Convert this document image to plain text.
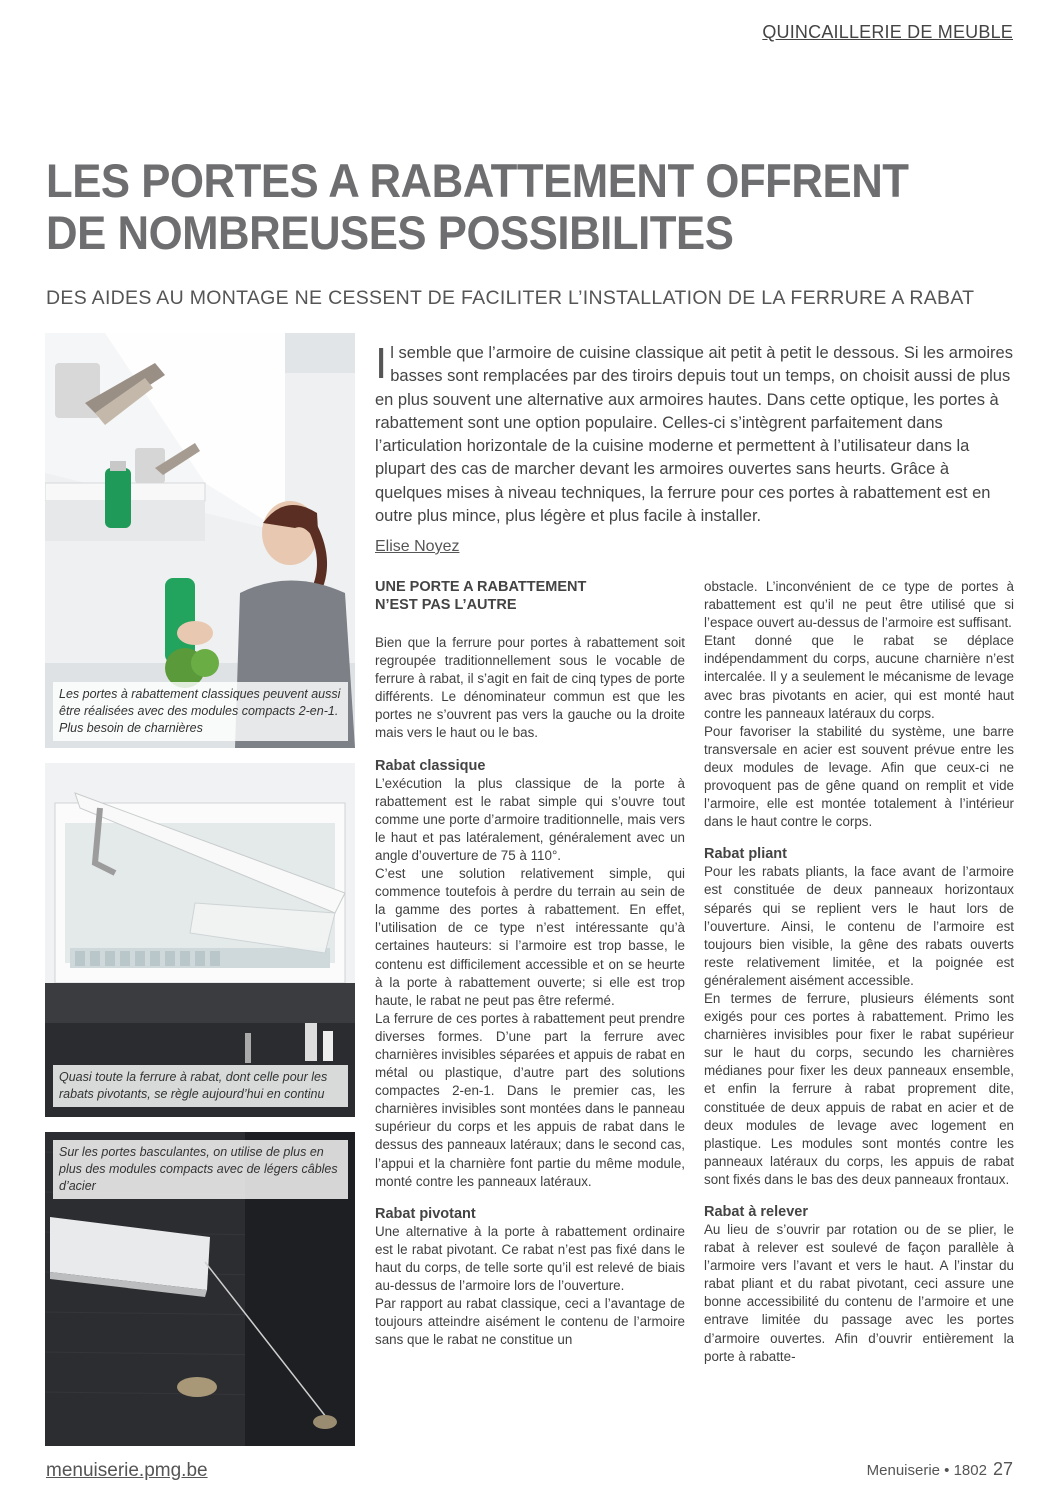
QUINCAILLERIE DE MEUBLE
LES PORTES A RABATTEMENT OFFRENT
DE NOMBREUSES POSSIBILITES
DES AIDES AU MONTAGE NE CESSENT DE FACILITER L’INSTALLATION DE LA FERRURE A RABAT
Les portes à rabattement classiques peuvent aussi être réalisées avec des modules compacts 2-en-1. Plus besoin de charnières
Quasi toute la ferrure à rabat, dont celle pour les rabats pivotants, se règle aujourd’hui en continu
Sur les portes basculantes, on utilise de plus en plus des modules compacts avec de légers câbles d’acier
Il semble que l’armoire de cuisine classique ait petit à petit le dessous. Si les armoires basses sont remplacées par des tiroirs depuis tout un temps, on choisit aussi de plus en plus souvent une alternative aux armoires hautes. Dans cette optique, les portes à rabattement sont une option populaire. Celles-ci s’intègrent parfaitement dans l’articulation horizontale de la cuisine moderne et permettent à l’utilisateur dans la plupart des cas de marcher devant les armoires ouvertes sans heurts. Grâce à quelques mises à niveau techniques, la ferrure pour ces portes à rabattement est en outre plus mince, plus légère et plus facile à installer.
Elise Noyez
UNE PORTE A RABATTEMENT
N’EST PAS L’AUTRE

Bien que la ferrure pour portes à rabattement soit regroupée traditionnellement sous le vocable de ferrure à rabat, il s’agit en fait de cinq types de porte différents. Le dénominateur commun est que les portes ne s’ouvrent pas vers la gauche ou la droite mais vers le haut ou le bas.

Rabat classique

L’exécution la plus classique de la porte à rabattement est le rabat simple qui s’ouvre tout comme une porte d’armoire traditionnelle, mais vers le haut et pas latéralement, généralement avec un angle d’ouverture de 75 à 110°.

C’est une solution relativement simple, qui commence toutefois à perdre du terrain au sein de la gamme des portes à rabattement. En effet, l’utilisation de ce type n’est intéressante qu’à certaines hauteurs: si l’armoire est trop basse, le contenu est difficilement accessible et on se heurte à la porte à rabattement ouverte; si elle est trop haute, le rabat ne peut pas être refermé.

La ferrure de ces portes à rabattement peut prendre diverses formes. D’une part la ferrure avec charnières invisibles séparées et appuis de rabat en métal ou plastique, d’autre part des solutions compactes 2-en-1. Dans le premier cas, les charnières invisibles sont montées dans le panneau supérieur du corps et les appuis de rabat dans le dessus des panneaux latéraux; dans le second cas, l’appui et la charnière font partie du même module, monté contre les panneaux latéraux.

Rabat pivotant

Une alternative à la porte à rabattement ordinaire est le rabat pivotant. Ce rabat n’est pas fixé dans le haut du corps, de telle sorte qu’il est relevé de biais au-dessus de l’armoire lors de l’ouverture.

Par rapport au rabat classique, ceci a l’avantage de toujours atteindre aisément le contenu de l’armoire sans que le rabat ne constitue un

obstacle. L’inconvénient de ce type de portes à rabattement est qu’il ne peut être utilisé que si l’espace ouvert au-dessus de l’armoire est suffisant.

Etant donné que le rabat se déplace indépendamment du corps, aucune charnière n’est intercalée. Il y a seulement le mécanisme de levage avec bras pivotants en acier, qui est monté haut contre les panneaux latéraux du corps.

Pour favoriser la stabilité du système, une barre transversale en acier est souvent prévue entre les deux modules de levage. Afin que ceux-ci ne provoquent pas de gêne quand on remplit et vide l’armoire, elle est montée totalement à l’intérieur dans le haut contre le corps.

Rabat pliant

Pour les rabats pliants, la face avant de l’armoire est constituée de deux panneaux horizontaux séparés qui se replient vers le haut lors de l’ouverture. Ainsi, le contenu de l’armoire est toujours bien visible, la gêne des rabats ouverts reste relativement limitée, et la poignée est généralement aisément accessible.

En termes de ferrure, plusieurs éléments sont exigés pour ces portes à rabattement. Primo les charnières invisibles pour fixer le rabat supérieur sur le haut du corps, secundo les charnières médianes pour fixer les deux panneaux ensemble, et enfin la ferrure à rabat proprement dite, constituée de deux appuis de rabat en acier et de deux modules de levage avec logement en plastique. Les modules sont montés contre les panneaux latéraux du corps, les appuis de rabat sont fixés dans le bas des deux panneaux frontaux.

Rabat à relever

Au lieu de s’ouvrir par rotation ou de se plier, le rabat à relever est soulevé de façon parallèle à l’armoire vers l’avant et vers le haut. A l’instar du rabat pliant et du rabat pivotant, ceci assure une bonne accessibilité du contenu de l’armoire et une entrave limitée du passage avec les portes d’armoire ouvertes. Afin d’ouvrir entièrement la porte à rabatte-

menuiserie.pmg.be	Menuiserie • 1802 27
